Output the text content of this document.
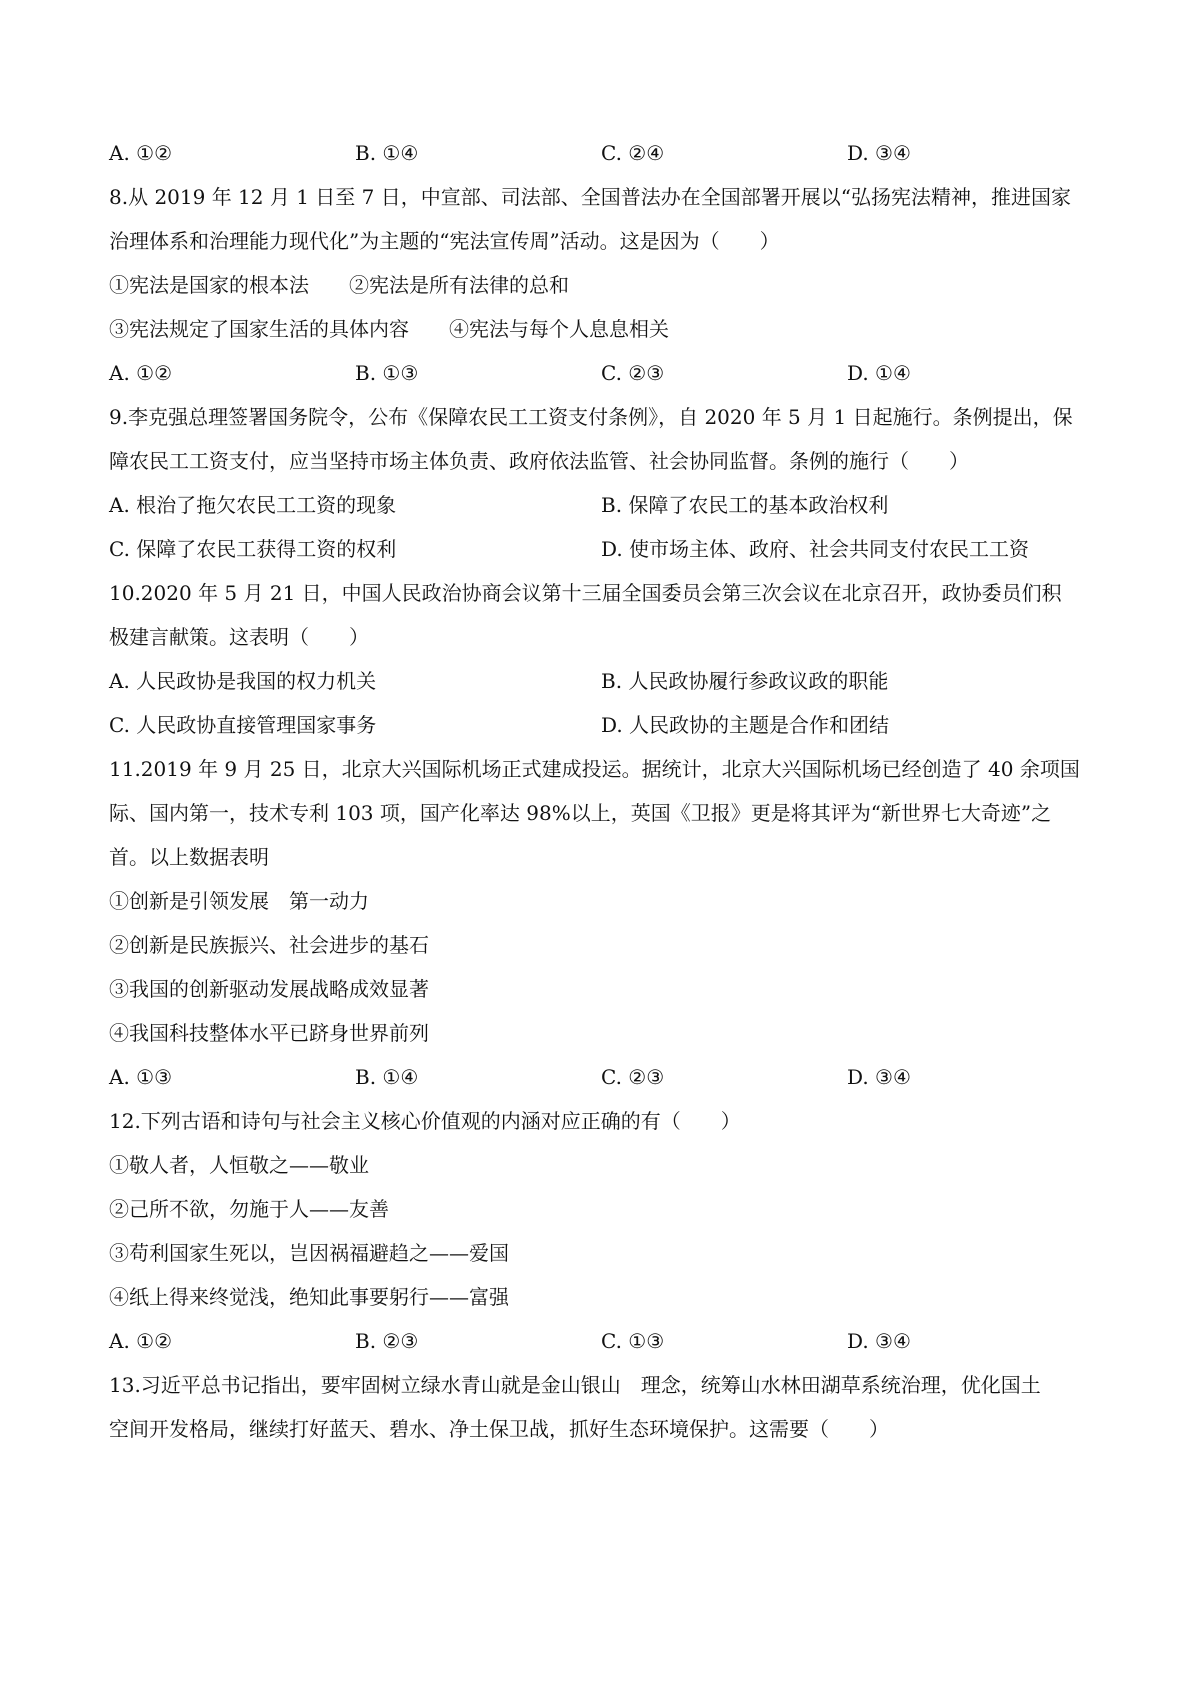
A. ①②	B. ①④	C. ②④	D. ③④
8.从 2019 年 12 月 1 日至 7 日，中宣部、司法部、全国普法办在全国部署开展以“弘扬宪法精神，推进国家
治理体系和治理能力现代化”为主题的“宪法宣传周”活动。这是因为（　　）
①宪法是国家的根本法　　②宪法是所有法律的总和
③宪法规定了国家生活的具体内容　　④宪法与每个人息息相关
A. ①②	B. ①③	C. ②③	D. ①④
9.李克强总理签署国务院令，公布《保障农民工工资支付条例》，自 2020 年 5 月 1 日起施行。条例提出，保
障农民工工资支付，应当坚持市场主体负责、政府依法监管、社会协同监督。条例的施行（　　）
A. 根治了拖欠农民工工资的现象	B. 保障了农民工的基本政治权利
C. 保障了农民工获得工资的权利	D. 使市场主体、政府、社会共同支付农民工工资
10.2020 年 5 月 21 日，中国人民政治协商会议第十三届全国委员会第三次会议在北京召开，政协委员们积
极建言献策。这表明（　　）
A. 人民政协是我国的权力机关	B. 人民政协履行参政议政的职能
C. 人民政协直接管理国家事务	D. 人民政协的主题是合作和团结
11.2019 年 9 月 25 日，北京大兴国际机场正式建成投运。据统计，北京大兴国际机场已经创造了 40 余项国
际、国内第一，技术专利 103 项，国产化率达 98%以上，英国《卫报》更是将其评为“新世界七大奇迹”之
首。以上数据表明
①创新是引领发展　第一动力
②创新是民族振兴、社会进步的基石
③我国的创新驱动发展战略成效显著
④我国科技整体水平已跻身世界前列
A. ①③	B. ①④	C. ②③	D. ③④
12.下列古语和诗句与社会主义核心价值观的内涵对应正确的有（　　）
①敬人者，人恒敬之——敬业
②己所不欲，勿施于人——友善
③苟利国家生死以，岂因祸福避趋之——爱国
④纸上得来终觉浅，绝知此事要躬行——富强
A. ①②	B. ②③	C. ①③	D. ③④
13.习近平总书记指出，要牢固树立绿水青山就是金山银山　理念，统筹山水林田湖草系统治理，优化国土
空间开发格局，继续打好蓝天、碧水、净土保卫战，抓好生态环境保护。这需要（　　）
